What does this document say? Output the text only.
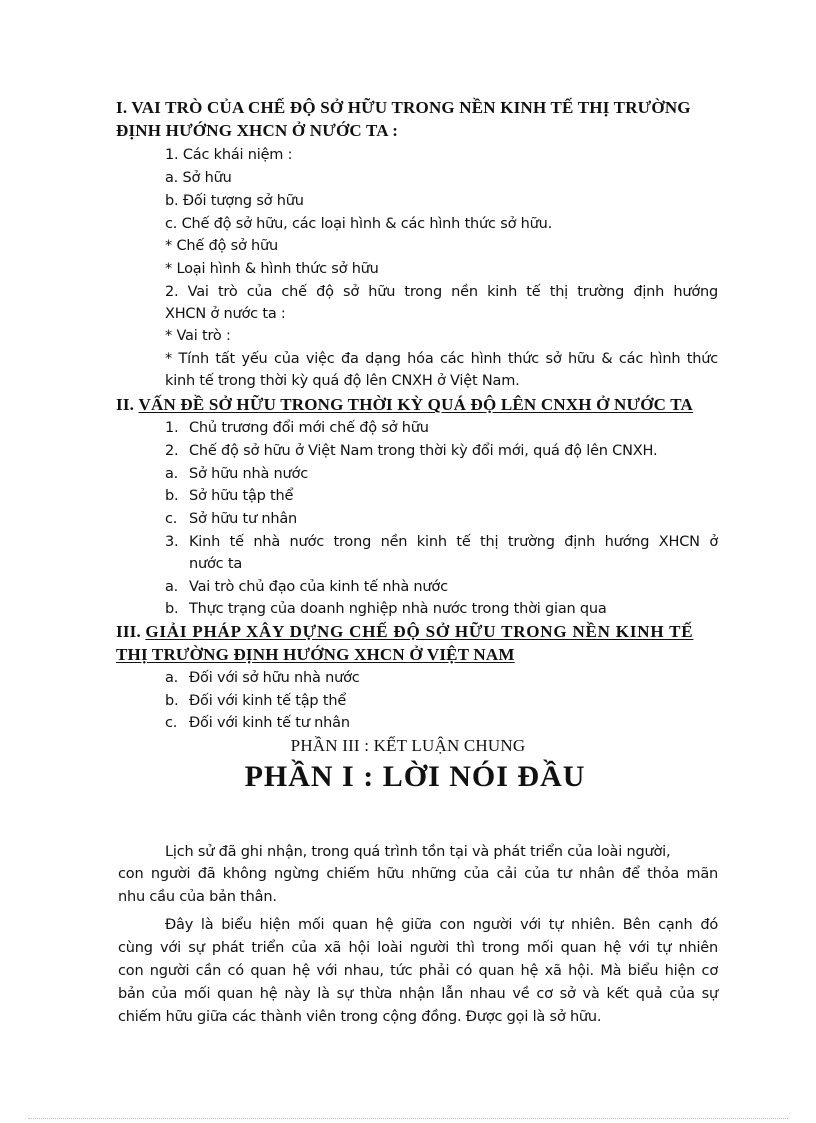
I. VAI TRÒ CỦA CHẾ ĐỘ SỞ HỮU TRONG NỀN KINH TẾ THỊ TRƯỜNG
ĐỊNH HƯỚNG XHCN Ở NƯỚC TA :
1. Các khái niệm :
a. Sở hữu
b. Đối tượng sở hữu
c. Chế độ sở hữu, các loại hình & các hình thức sở hữu.
* Chế độ sở hữu
* Loại hình & hình thức sở hữu
2. Vai trò của chế độ sở hữu trong nền kinh tế thị trường định hướng
XHCN ở nước ta :
* Vai trò :
* Tính tất yếu của việc đa dạng hóa các hình thức sở hữu & các hình thức
kinh tế trong thời kỳ quá độ lên CNXH ở Việt Nam.
II. VẤN ĐỀ SỞ HỮU TRONG THỜI KỲ QUÁ ĐỘ LÊN CNXH Ở NƯỚC TA
1. Chủ trương đổi mới chế độ sở hữu
2. Chế độ sở hữu ở Việt Nam trong thời kỳ đổi mới, quá độ lên CNXH.
a. Sở hữu nhà nước
b. Sở hữu tập thể
c. Sở hữu tư nhân
3. Kinh tế nhà nước trong nền kinh tế thị trường định hướng XHCN ở
nước ta
a. Vai trò chủ đạo của kinh tế nhà nước
b. Thực trạng của doanh nghiệp nhà nước trong thời gian qua
III. GIẢI PHÁP XÂY DỰNG CHẾ ĐỘ SỞ HỮU TRONG NỀN KINH TẾ
THỊ TRƯỜNG ĐỊNH HƯỚNG XHCN Ở VIỆT NAM
a. Đối với sở hữu nhà nước
b. Đối với kinh tế tập thể
c. Đối với kinh tế tư nhân
PHẦN III : KẾT LUẬN CHUNG
PHẦN I : LỜI NÓI ĐẦU
Lịch sử đã ghi nhận, trong quá trình tồn tại và phát triển của loài người,
con người đã không ngừng chiếm hữu những của cải của tư nhân để thỏa mãn
nhu cầu của bản thân.
Đây là biểu hiện mối quan hệ giữa con người với tự nhiên. Bên cạnh đó
cùng với sự phát triển của xã hội loài người thì trong mối quan hệ với tự nhiên
con người cần có quan hệ với nhau, tức phải có quan hệ xã hội. Mà biểu hiện cơ
bản của mối quan hệ này là sự thừa nhận lẫn nhau về cơ sở và kết quả của sự
chiếm hữu giữa các thành viên trong cộng đồng. Được gọi là sở hữu.
